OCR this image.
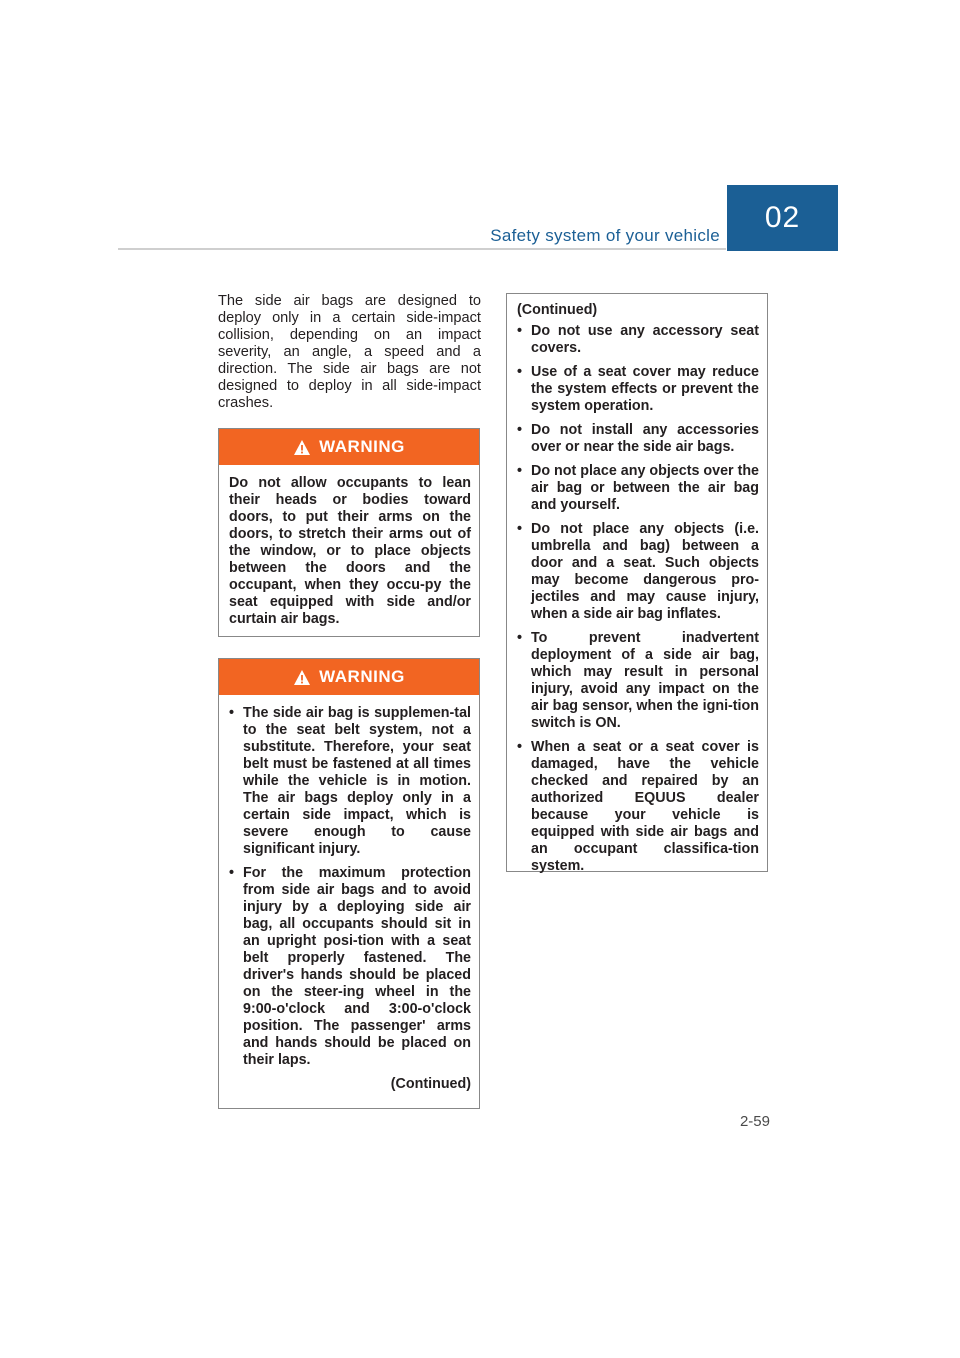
Safety system of your vehicle
02
The side air bags are designed to deploy only in a certain side-impact collision, depending on an impact severity, an angle, a speed and a direction. The side air bags are not designed to deploy in all side-impact crashes.
WARNING
Do not allow occupants to lean their heads or bodies toward doors, to put their arms on the doors, to stretch their arms out of the window, or to place objects between the doors and the occupant, when they occu-py the seat equipped with side and/or curtain air bags.
WARNING
• The side air bag is supplemen-tal to the seat belt system, not a substitute. Therefore, your seat belt must be fastened at all times while the vehicle is in motion. The air bags deploy only in a certain side impact, which is severe enough to cause significant injury.
• For the maximum protection from side air bags and to avoid injury by a deploying side air bag, all occupants should sit in an upright posi-tion with a seat belt properly fastened. The driver's hands should be placed on the steer-ing wheel in the 9:00-o'clock and 3:00-o'clock position. The passenger' arms and hands should be placed on their laps.
(Continued)
(Continued)
• Do not use any accessory seat covers.
• Use of a seat cover may reduce the system effects or prevent the system operation.
• Do not install any accessories over or near the side air bags.
• Do not place any objects over the air bag or between the air bag and yourself.
• Do not place any objects (i.e. umbrella and bag) between a door and a seat. Such objects may become dangerous pro-jectiles and may cause injury, when a side air bag inflates.
• To prevent inadvertent deployment of a side air bag, which may result in personal injury, avoid any impact on the air bag sensor, when the igni-tion switch is ON.
• When a seat or a seat cover is damaged, have the vehicle checked and repaired by an authorized EQUUS dealer because your vehicle is equipped with side air bags and an occupant classifica-tion system.
2-59
